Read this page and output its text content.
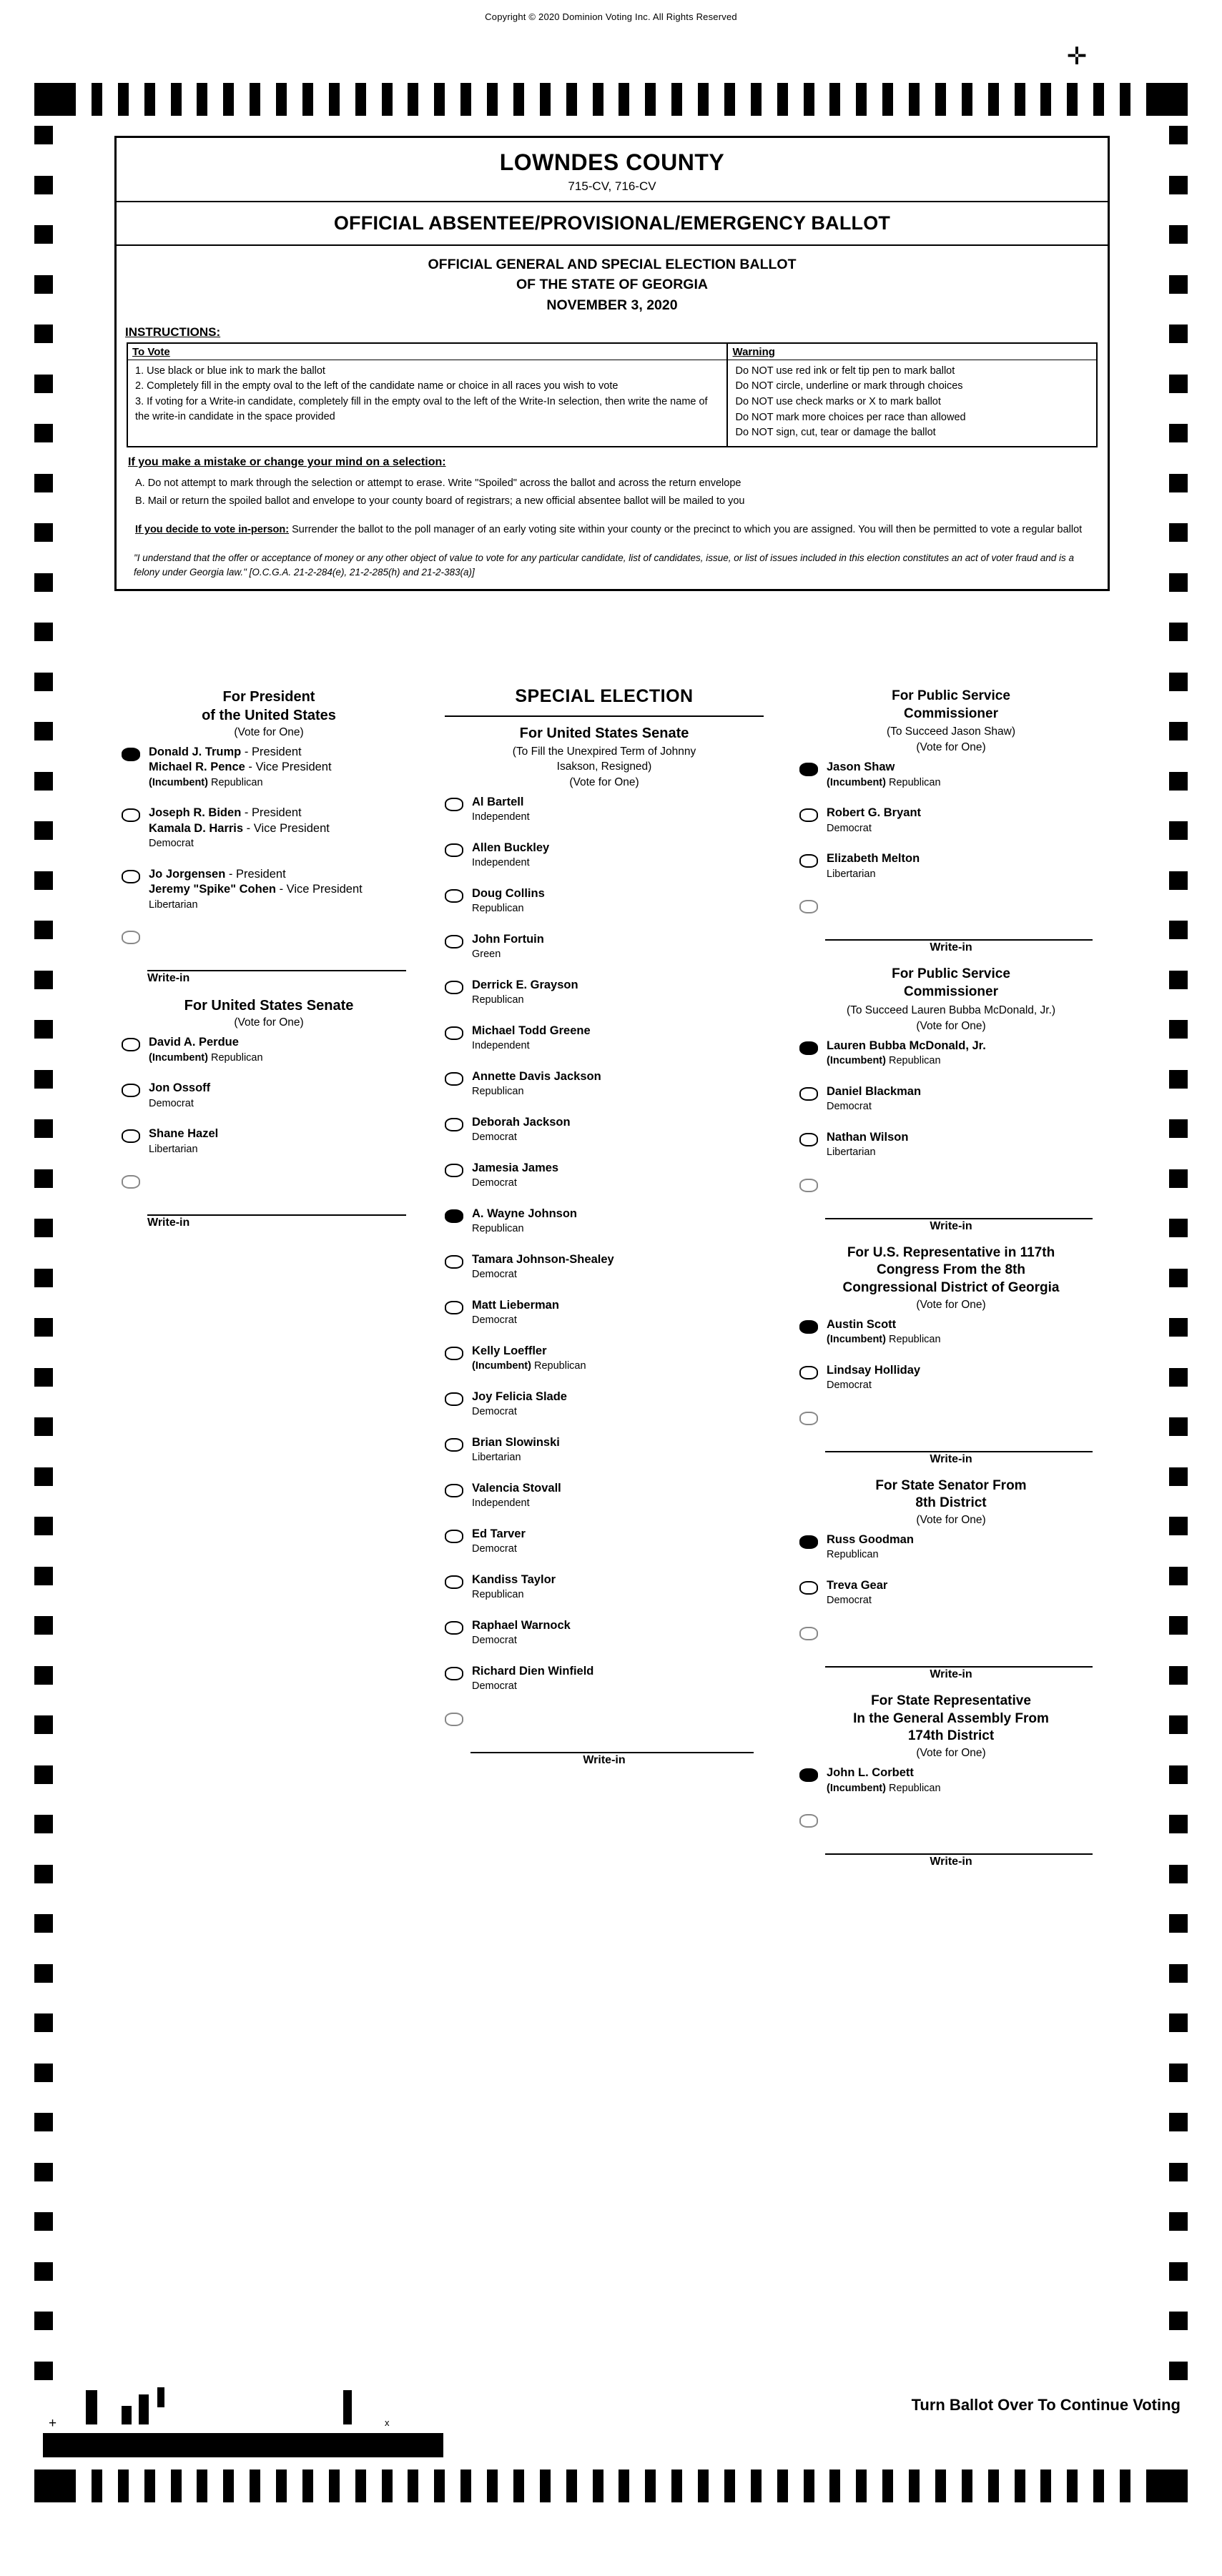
Copyright © 2020 Dominion Voting Inc. All Rights Reserved
✛
LOWNDES COUNTY
715-CV, 716-CV
OFFICIAL ABSENTEE/PROVISIONAL/EMERGENCY BALLOT
OFFICIAL GENERAL AND SPECIAL ELECTION BALLOT
OF THE STATE OF GEORGIA
NOVEMBER 3, 2020
INSTRUCTIONS:
To Vote
1. Use black or blue ink to mark the ballot
2. Completely fill in the empty oval to the left of the candidate name or choice in all races you wish to vote
3. If voting for a Write-in candidate, completely fill in the empty oval to the left of the Write-In selection, then write the name of the write-in candidate in the space provided
Warning
Do NOT use red ink or felt tip pen to mark ballot
Do NOT circle, underline or mark through choices
Do NOT use check marks or X to mark ballot
Do NOT mark more choices per race than allowed
Do NOT sign, cut, tear or damage the ballot
If you make a mistake or change your mind on a selection:

A. Do not attempt to mark through the selection or attempt to erase. Write "Spoiled" across the ballot and across the return envelope

B. Mail or return the spoiled ballot and envelope to your county board of registrars; a new official absentee ballot will be mailed to you

If you decide to vote in-person: Surrender the ballot to the poll manager of an early voting site within your county or the precinct to which you are assigned. You will then be permitted to vote a regular ballot
"I understand that the offer or acceptance of money or any other object of value to vote for any particular candidate, list of candidates, issue, or list of issues included in this election constitutes an act of voter fraud and is a felony under Georgia law." [O.C.G.A. 21-2-284(e), 21-2-285(h) and 21-2-383(a)]
For President
of the United States
(Vote for One)
Donald J. Trump - President
Michael R. Pence - Vice President
(Incumbent) Republican
Joseph R. Biden - President
Kamala D. Harris - Vice President
Democrat
Jo Jorgensen - President
Jeremy "Spike" Cohen - Vice President
Libertarian
Write-in
For United States Senate
(Vote for One)
David A. Perdue
(Incumbent) Republican
Jon Ossoff
Democrat
Shane Hazel
Libertarian
Write-in
SPECIAL ELECTION
For United States Senate
(To Fill the Unexpired Term of Johnny
Isakson, Resigned)
(Vote for One)
Al Bartell
Independent
Allen Buckley
Independent
Doug Collins
Republican
John Fortuin
Green
Derrick E. Grayson
Republican
Michael Todd Greene
Independent
Annette Davis Jackson
Republican
Deborah Jackson
Democrat
Jamesia James
Democrat
A. Wayne Johnson
Republican
Tamara Johnson-Shealey
Democrat
Matt Lieberman
Democrat
Kelly Loeffler
(Incumbent) Republican
Joy Felicia Slade
Democrat
Brian Slowinski
Libertarian
Valencia Stovall
Independent
Ed Tarver
Democrat
Kandiss Taylor
Republican
Raphael Warnock
Democrat
Richard Dien Winfield
Democrat
Write-in
For Public Service
Commissioner
(To Succeed Jason Shaw)
(Vote for One)
Jason Shaw
(Incumbent) Republican
Robert G. Bryant
Democrat
Elizabeth Melton
Libertarian
Write-in
For Public Service
Commissioner
(To Succeed Lauren Bubba McDonald, Jr.)
(Vote for One)
Lauren Bubba McDonald, Jr.
(Incumbent) Republican
Daniel Blackman
Democrat
Nathan Wilson
Libertarian
Write-in
For U.S. Representative in 117th
Congress From the 8th
Congressional District of Georgia
(Vote for One)
Austin Scott
(Incumbent) Republican
Lindsay Holliday
Democrat
Write-in
For State Senator From
8th District
(Vote for One)
Russ Goodman
Republican
Treva Gear
Democrat
Write-in
For State Representative
In the General Assembly From
174th District
(Vote for One)
John L. Corbett
(Incumbent) Republican
Write-in
+	x
Turn Ballot Over To Continue Voting
